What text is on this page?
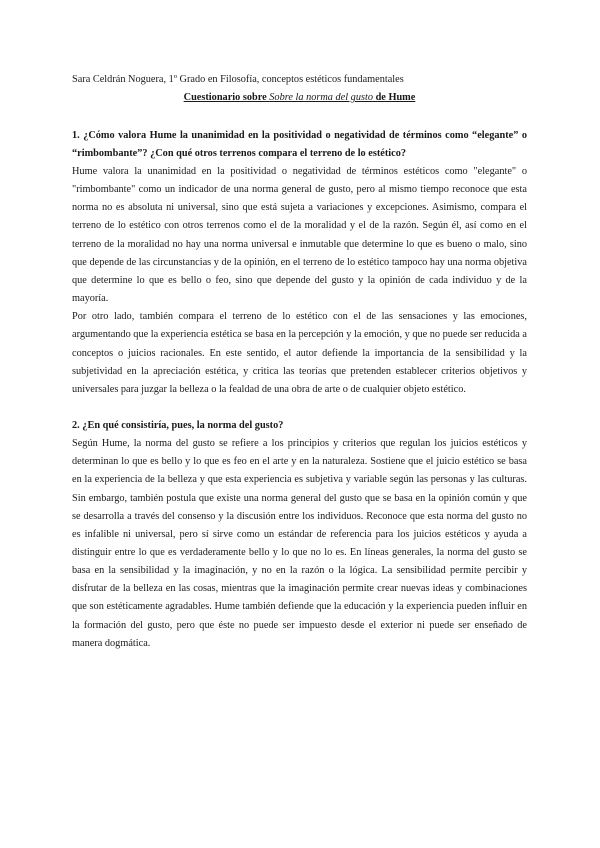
Sara Celdrán Noguera, 1º Grado en Filosofía, conceptos estéticos fundamentales

Cuestionario sobre Sobre la norma del gusto de Hume

1. ¿Cómo valora Hume la unanimidad en la positividad o negatividad de términos como “elegante” o “rimbombante”? ¿Con qué otros terrenos compara el terreno de lo estético?

Hume valora la unanimidad en la positividad o negatividad de términos estéticos como "elegante" o "rimbombante" como un indicador de una norma general de gusto, pero al mismo tiempo reconoce que esta norma no es absoluta ni universal, sino que está sujeta a variaciones y excepciones. Asimismo, compara el terreno de lo estético con otros terrenos como el de la moralidad y el de la razón. Según él, así como en el terreno de la moralidad no hay una norma universal e inmutable que determine lo que es bueno o malo, sino que depende de las circunstancias y de la opinión, en el terreno de lo estético tampoco hay una norma objetiva que determine lo que es bello o feo, sino que depende del gusto y la opinión de cada individuo y de la mayoría.

Por otro lado, también compara el terreno de lo estético con el de las sensaciones y las emociones, argumentando que la experiencia estética se basa en la percepción y la emoción, y que no puede ser reducida a conceptos o juicios racionales. En este sentido, el autor defiende la importancia de la sensibilidad y la subjetividad en la apreciación estética, y critica las teorías que pretenden establecer criterios objetivos y universales para juzgar la belleza o la fealdad de una obra de arte o de cualquier objeto estético.

2. ¿En qué consistiría, pues, la norma del gusto?

Según Hume, la norma del gusto se refiere a los principios y criterios que regulan los juicios estéticos y determinan lo que es bello y lo que es feo en el arte y en la naturaleza. Sostiene que el juicio estético se basa en la experiencia de la belleza y que esta experiencia es subjetiva y variable según las personas y las culturas. Sin embargo, también postula que existe una norma general del gusto que se basa en la opinión común y que se desarrolla a través del consenso y la discusión entre los individuos. Reconoce que esta norma del gusto no es infalible ni universal, pero sí sirve como un estándar de referencia para los juicios estéticos y ayuda a distinguir entre lo que es verdaderamente bello y lo que no lo es. En líneas generales, la norma del gusto se basa en la sensibilidad y la imaginación, y no en la razón o la lógica. La sensibilidad permite percibir y disfrutar de la belleza en las cosas, mientras que la imaginación permite crear nuevas ideas y combinaciones que son estéticamente agradables. Hume también defiende que la educación y la experiencia pueden influir en la formación del gusto, pero que éste no puede ser impuesto desde el exterior ni puede ser enseñado de manera dogmática.
